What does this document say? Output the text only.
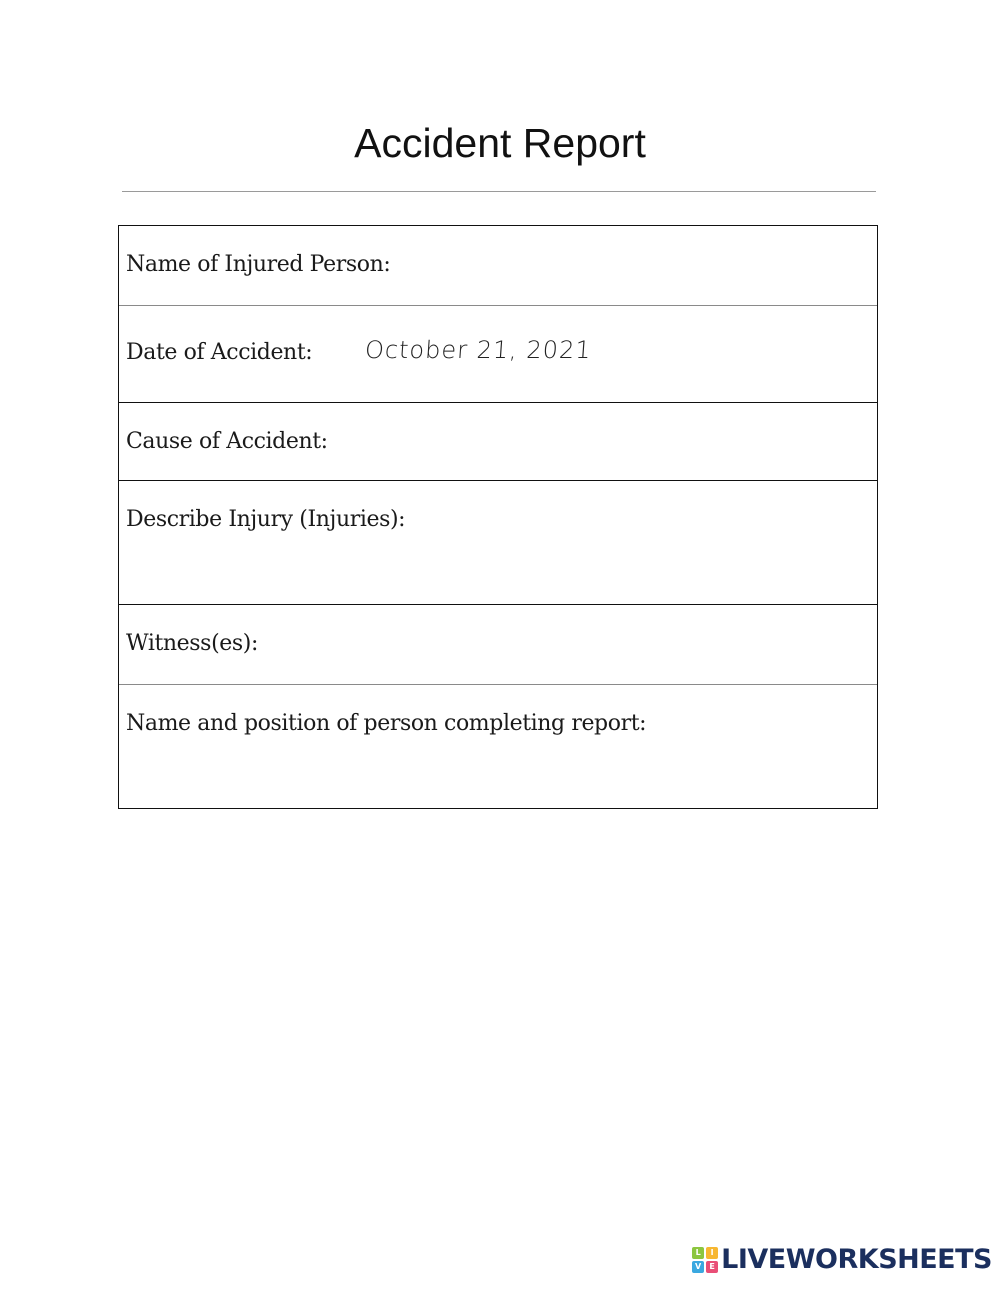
Accident Report
Name of Injured Person:
Date of Accident: October 21, 2021
Cause of Accident:
Describe Injury (Injuries):
Witness(es):
Name and position of person completing report:
L	I
V	E LIVEWORKSHEETS
